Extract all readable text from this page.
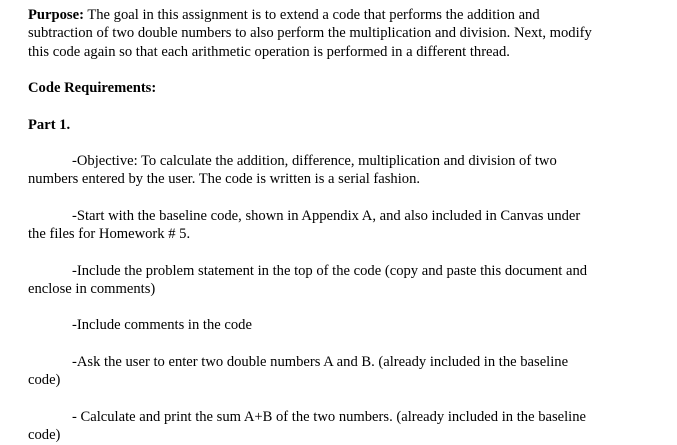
Purpose: The goal in this assignment is to extend a code that performs the addition and
subtraction of two double numbers to also perform the multiplication and division. Next, modify
this code again so that each arithmetic operation is performed in a different thread.
Code Requirements:
Part 1.
-Objective: To calculate the addition, difference, multiplication and division of two
numbers entered by the user. The code is written is a serial fashion.
-Start with the baseline code, shown in Appendix A, and also included in Canvas under
the files for Homework # 5.
-Include the problem statement in the top of the code (copy and paste this document and
enclose in comments)
-Include comments in the code
-Ask the user to enter two double numbers A and B. (already included in the baseline
code)
- Calculate and print the sum A+B of the two numbers. (already included in the baseline
code)
